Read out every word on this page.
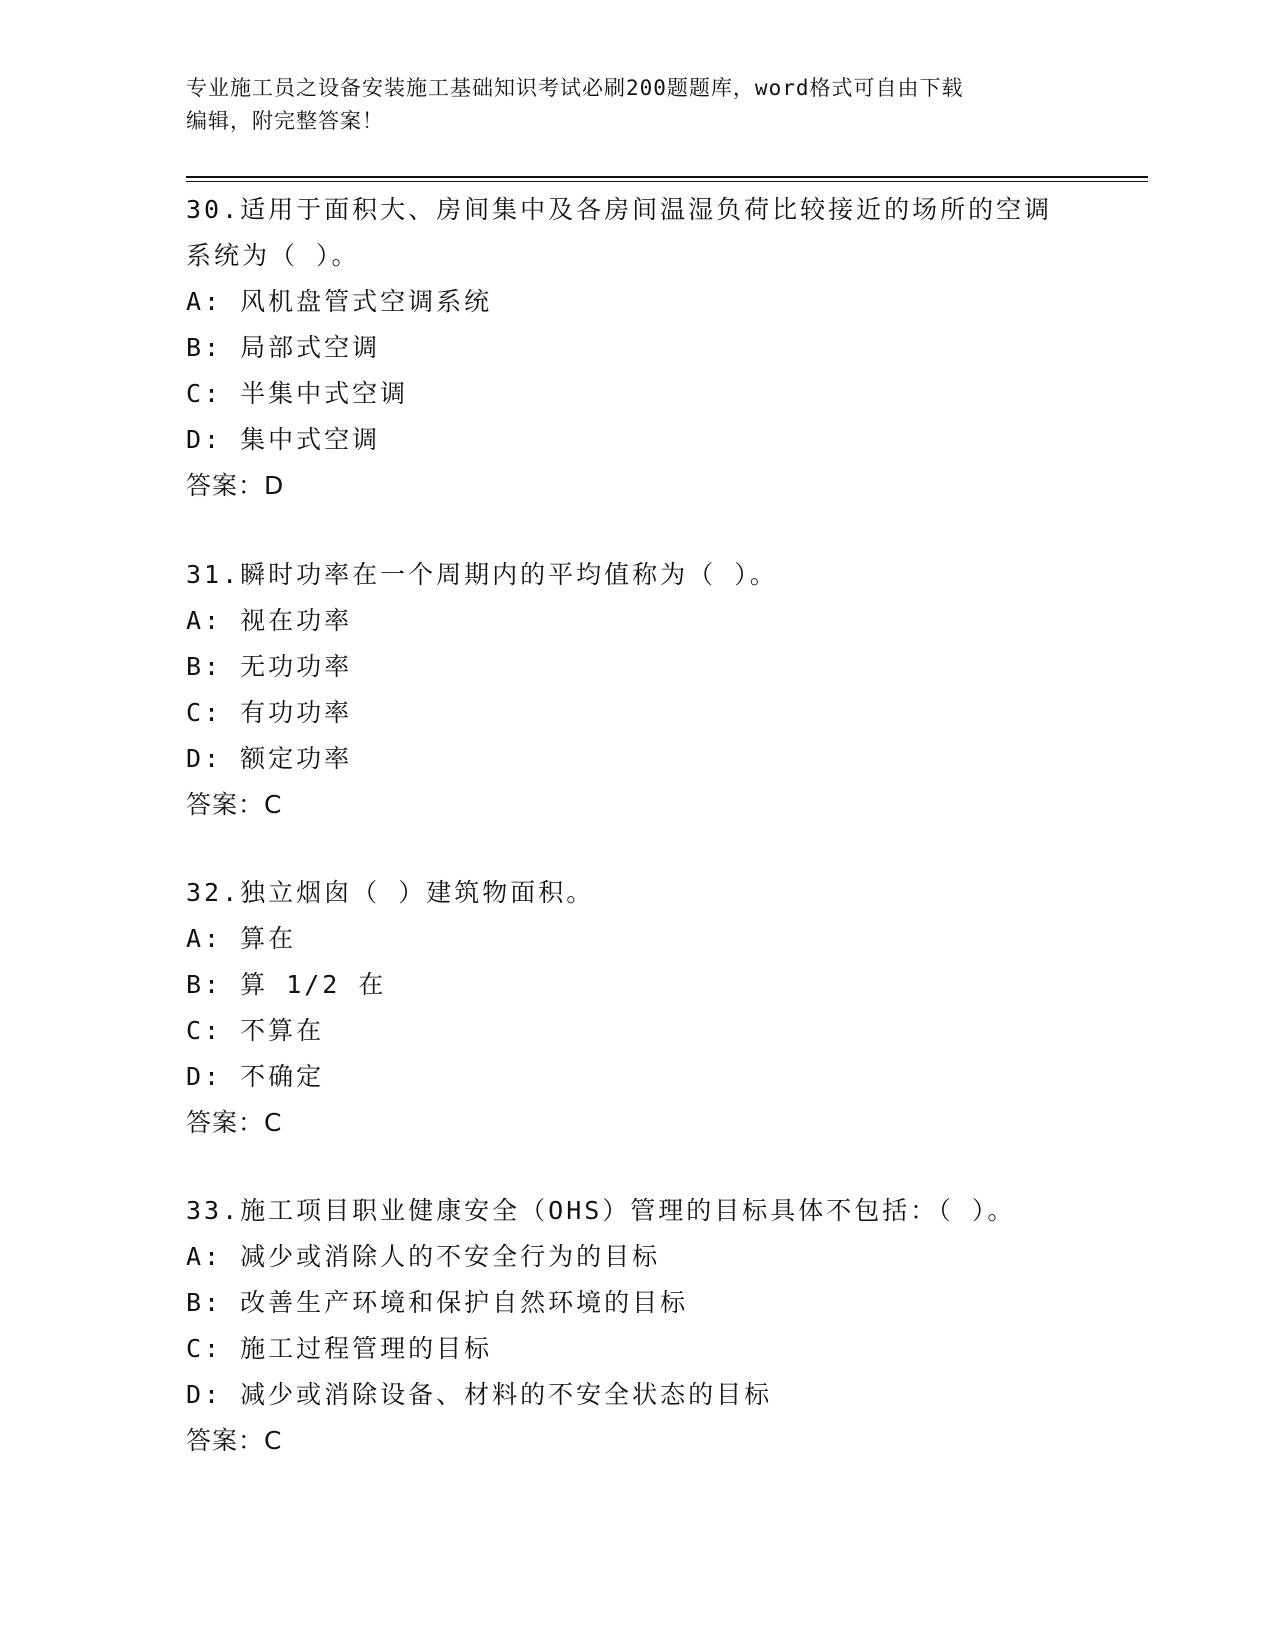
专业施工员之设备安装施工基础知识考试必刷200题题库，word格式可自由下载
编辑，附完整答案！
30.适用于面积大、房间集中及各房间温湿负荷比较接近的场所的空调
系统为（ ）。
A: 风机盘管式空调系统
B: 局部式空调
C: 半集中式空调
D: 集中式空调
答案：D
31.瞬时功率在一个周期内的平均值称为（ ）。
A: 视在功率
B: 无功功率
C: 有功功率
D: 额定功率
答案：C
32.独立烟囱（ ）建筑物面积。
A: 算在
B: 算 1/2 在
C: 不算在
D: 不确定
答案：C
33.施工项目职业健康安全（OHS）管理的目标具体不包括：（ ）。
A: 减少或消除人的不安全行为的目标
B: 改善生产环境和保护自然环境的目标
C: 施工过程管理的目标
D: 减少或消除设备、材料的不安全状态的目标
答案：C
